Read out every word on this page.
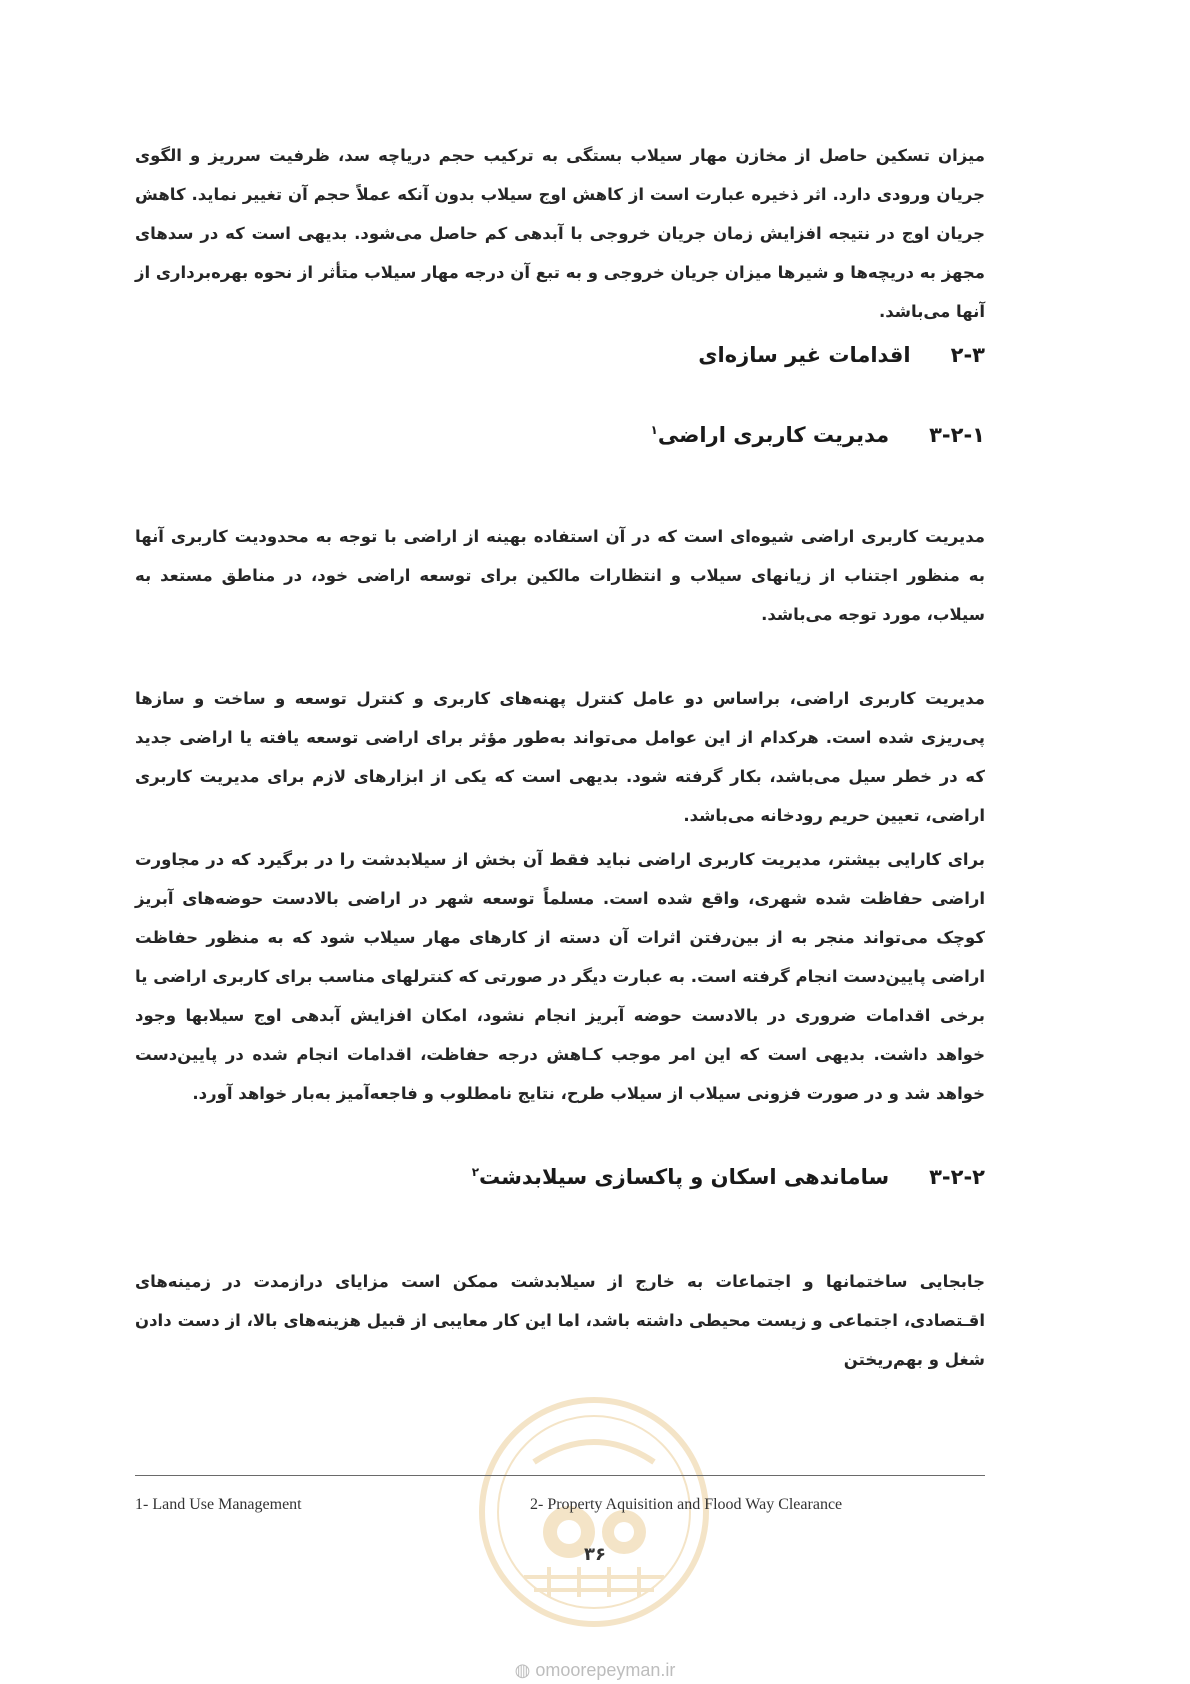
میزان تسکین حاصل از مخازن مهار سیلاب بستگی به ترکیب حجم دریاچه سد، ظرفیت سرریز و الگوی جریان ورودی دارد. اثر ذخیره عبارت است از کاهش اوج سیلاب بدون آنکه عملاً حجم آن تغییر نماید. کاهش جریان اوج در نتیجه افزایش زمان جریان خروجی با آبدهی کم حاصل می‌شود. بدیهی است که در سدهای مجهز به دریچه‌ها و شیرها میزان جریان خروجی و به تبع آن درجه مهار سیلاب متأثر از نحوه بهره‌برداری از آنها می‌باشد.
۲-۳اقدامات غیر سازه‌ای
۳-۲-۱مدیریت کاربری اراضی$^۱$
مدیریت کاربری اراضی شیوه‌ای است که در آن استفاده بهینه از اراضی با توجه به محدودیت کاربری آنها به منظور اجتناب از زیانهای سیلاب و انتظارات مالکین برای توسعه اراضی خود، در مناطق مستعد به سیلاب، مورد توجه می‌باشد.
مدیریت کاربری اراضی، براساس دو عامل کنترل پهنه‌های کاربری و کنترل توسعه و ساخت و سازها پی‌ریزی شده است. هرکدام از این عوامل می‌تواند به‌طور مؤثر برای اراضی توسعه یافته یا اراضی جدید که در خطر سیل می‌باشد، بکار گرفته شود. بدیهی است که یکی از ابزارهای لازم برای مدیریت کاربری اراضی، تعیین حریم رودخانه می‌باشد.
برای کارایی بیشتر، مدیریت کاربری اراضی نباید فقط آن بخش از سیلابدشت را در برگیرد که در مجاورت اراضی حفاظت شده شهری، واقع شده است. مسلماً توسعه شهر در اراضی بالادست حوضه‌های آبریز کوچک می‌تواند منجر به از بین‌رفتن اثرات آن دسته از کارهای مهار سیلاب شود که به منظور حفاظت اراضی پایین‌دست انجام گرفته است. به عبارت دیگر در صورتی که کنترلهای مناسب برای کاربری اراضی یا برخی اقدامات ضروری در بالادست حوضه آبریز انجام نشود، امکان افزایش آبدهی اوج سیلابها وجود خواهد داشت. بدیهی است که این امر موجب کـاهش درجه حفاظت، اقدامات انجام شده در پایین‌دست خواهد شد و در صورت فزونی سیلاب از سیلاب طرح، نتایج نامطلوب و فاجعه‌آمیز به‌بار خواهد آورد.
۳-۲-۲ساماندهی اسکان و پاکسازی سیلابدشت$^۲$
جابجایی ساختمانها و اجتماعات به خارج از سیلابدشت ممکن است مزایای درازمدت در زمینه‌های اقـتصادی، اجتماعی و زیست محیطی داشته باشد، اما این کار معایبی از قبیل هزینه‌های بالا، از دست دادن شغل و بهم‌ریختن
1- Land Use Management	2- Property Aquisition and Flood Way Clearance
۳۶
◍ omoorepeyman.ir
